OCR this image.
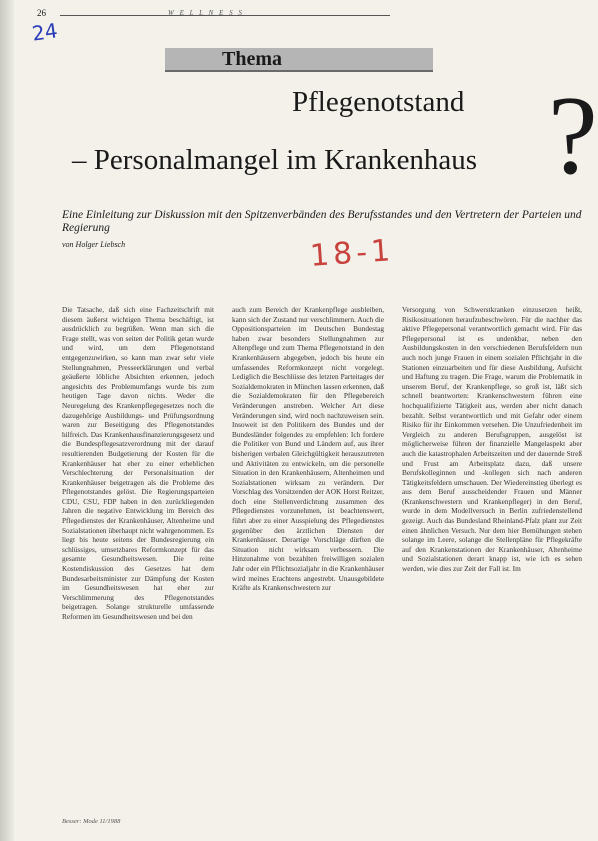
26	W E L L N E S S
24
Thema
Pflegenotstand
– Personalmangel im Krankenhaus ?

Eine Einleitung zur Diskussion mit den Spitzenverbänden des Berufsstandes und den Vertretern der Parteien und Regierung

von Holger Liebsch	18-1
Die Tatsache, daß sich eine Fachzeitschrift mit diesem äußerst wichtigen Thema beschäftigt, ist ausdrücklich zu begrüßen. Wenn man sich die Frage stellt, was von seiten der Politik getan wurde und wird, um dem Pflegenotstand entgegenzuwirken, so kann man zwar sehr viele Stellungnahmen, Presseerklärungen und verbal geäußerte löbliche Absichten erkennen, jedoch angesichts des Problemumfangs wurde bis zum heutigen Tage davon nichts. Weder die Neuregelung des Krankenpflegegesetzes noch die dazugehörige Ausbildungs- und Prüfungsordnung waren zur Beseitigung des Pflegenotstandes hilfreich. Das Krankenhausfinanzierungsgesetz und die Bundespflegesatzverordnung mit der darauf resultierenden Budgetierung der Kosten für die Krankenhäuser hat eher zu einer erheblichen Verschlechterung der Personalsituation der Krankenhäuser beigetragen als die Probleme des Pflegenotstandes gelöst. Die Regierungsparteien CDU, CSU, FDP haben in den zurückliegenden Jahren die negative Entwicklung im Bereich des Pflegedienstes der Krankenhäuser, Altenheime und Sozialstationen überhaupt nicht wahrgenommen. Es liegt bis heute seitens der Bundesregierung ein schlüssiges, umsetzbares Reformkonzept für das gesamte Gesundheitswesen. Die reine Kostendiskussion des Gesetzes hat dem Bundesarbeitsminister zur Dämpfung der Kosten im Gesundheitswesen hat eher zur Verschlimmerung des Pflegenotstandes beigetragen. Solange strukturelle umfassende Reformen im Gesundheitswesen und bei den
auch zum Bereich der Krankenpflege ausbleiben, kann sich der Zustand nur verschlimmern. Auch die Oppositionsparteien im Deutschen Bundestag haben zwar besonders Stellungnahmen zur Altenpflege und zum Thema Pflegenotstand in den Krankenhäusern abgegeben, jedoch bis heute ein umfassendes Reformkonzept nicht vorgelegt. Lediglich die Beschlüsse des letzten Parteitages der Sozialdemokraten in München lassen erkennen, daß die Sozialdemokraten für den Pflegebereich Veränderungen anstreben. Welcher Art diese Veränderungen sind, wird noch nachzuweisen sein. Insoweit ist den Politikern des Bundes und der Bundesländer folgendes zu empfehlen: Ich fordere die Politiker von Bund und Ländern auf, aus ihrer bisherigen verbalen Gleichgültigkeit herauszutreten und Aktivitäten zu entwickeln, um die personelle Situation in den Krankenhäusern, Altenheimen und Sozialstationen wirksam zu verändern. Der Vorschlag des Vorsitzenden der AOK Horst Reitzer, doch eine Stellenverdichtung zusammen des Pflegedienstes vorzunehmen, ist beachtenswert, führt aber zu einer Ausspielung des Pflegedienstes gegenüber den ärztlichen Diensten der Krankenhäuser. Derartige Vorschläge dürften die Situation nicht wirksam verbessern. Die Hinzunahme von bezahlten freiwilligen sozialen Jahr oder ein Pflichtsozialjahr in die Krankenhäuser wird meines Erachtens angestrebt. Unausgebildete Kräfte als Krankenschwestern zur
Versorgung von Schwerstkranken einzusetzen heißt, Risikosituationen heraufzubeschwören. Für die nachher das aktive Pflegepersonal verantwortlich gemacht wird. Für das Pflegepersonal ist es undenkbar, neben den Ausbildungskosten in den verschiedenen Berufsfeldern nun auch noch junge Frauen in einem sozialen Pflichtjahr in die Stationen einzuarbeiten und für diese Ausbildung, Aufsicht und Haftung zu tragen. Die Frage, warum die Problematik in unserem Beruf, der Krankenpflege, so groß ist, läßt sich schnell beantworten: Krankenschwestern führen eine hochqualifizierte Tätigkeit aus, werden aber nicht danach bezahlt. Selbst verantwortlich und mit Gefahr oder einem Risiko für ihr Einkommen versehen. Die Unzufriedenheit im Vergleich zu anderen Berufsgruppen, ausgelöst ist möglicherweise führen der finanzielle Mangelaspekt aber auch die katastrophalen Arbeitszeiten und der dauernde Streß und Frust am Arbeitsplatz dazu, daß unsere Berufskolleginnen und -kollegen sich nach anderen Tätigkeitsfeldern umschauen. Der Wiedereinstieg überlegt es aus dem Beruf ausscheidender Frauen und Männer (Krankenschwestern und Krankenpfleger) in den Beruf, wurde in dem Modellversuch in Berlin zufriedenstellend gezeigt. Auch das Bundesland Rheinland-Pfalz plant zur Zeit einen ähnlichen Versuch. Nur dem hier Bemühungen stehen solange im Leere, solange die Stellenpläne für Pflegekräfte auf den Krankenstationen der Krankenhäuser, Altenheime und Sozialstationen derart knapp ist, wie ich es sehen werden, wie dies zur Zeit der Fall ist. Im
Besser: Mode 11/1988
